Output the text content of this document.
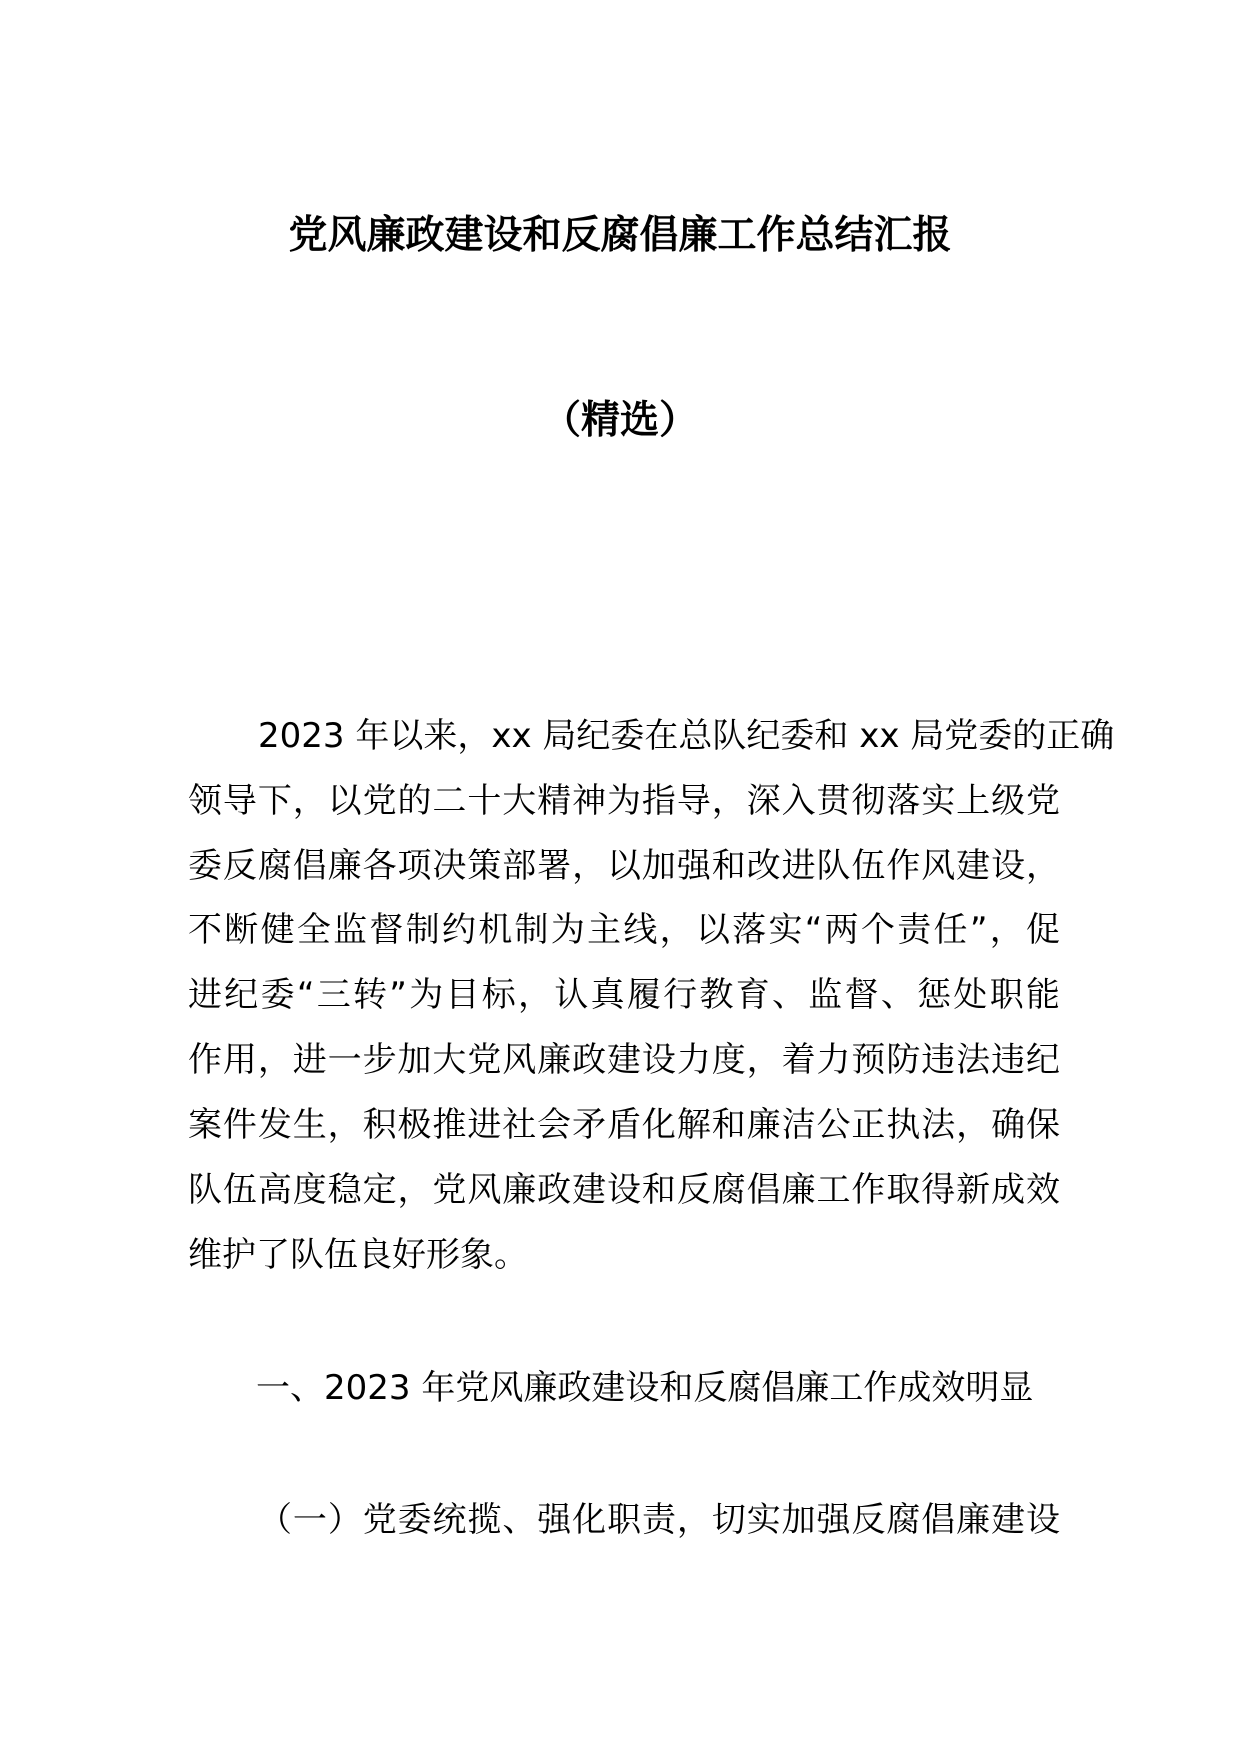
党风廉政建设和反腐倡廉工作总结汇报
（精选）
2023 年以来，xx 局纪委在总队纪委和 xx 局党委的正确
领导下，以党的二十大精神为指导，深入贯彻落实上级党
委反腐倡廉各项决策部署，以加强和改进队伍作风建设，
不断健全监督制约机制为主线，以落实“两个责任”，促
进纪委“三转”为目标，认真履行教育、监督、惩处职能
作用，进一步加大党风廉政建设力度，着力预防违法违纪
案件发生，积极推进社会矛盾化解和廉洁公正执法，确保
队伍高度稳定，党风廉政建设和反腐倡廉工作取得新成效
维护了队伍良好形象。
一、2023 年党风廉政建设和反腐倡廉工作成效明显
（一）党委统揽、强化职责，切实加强反腐倡廉建设
